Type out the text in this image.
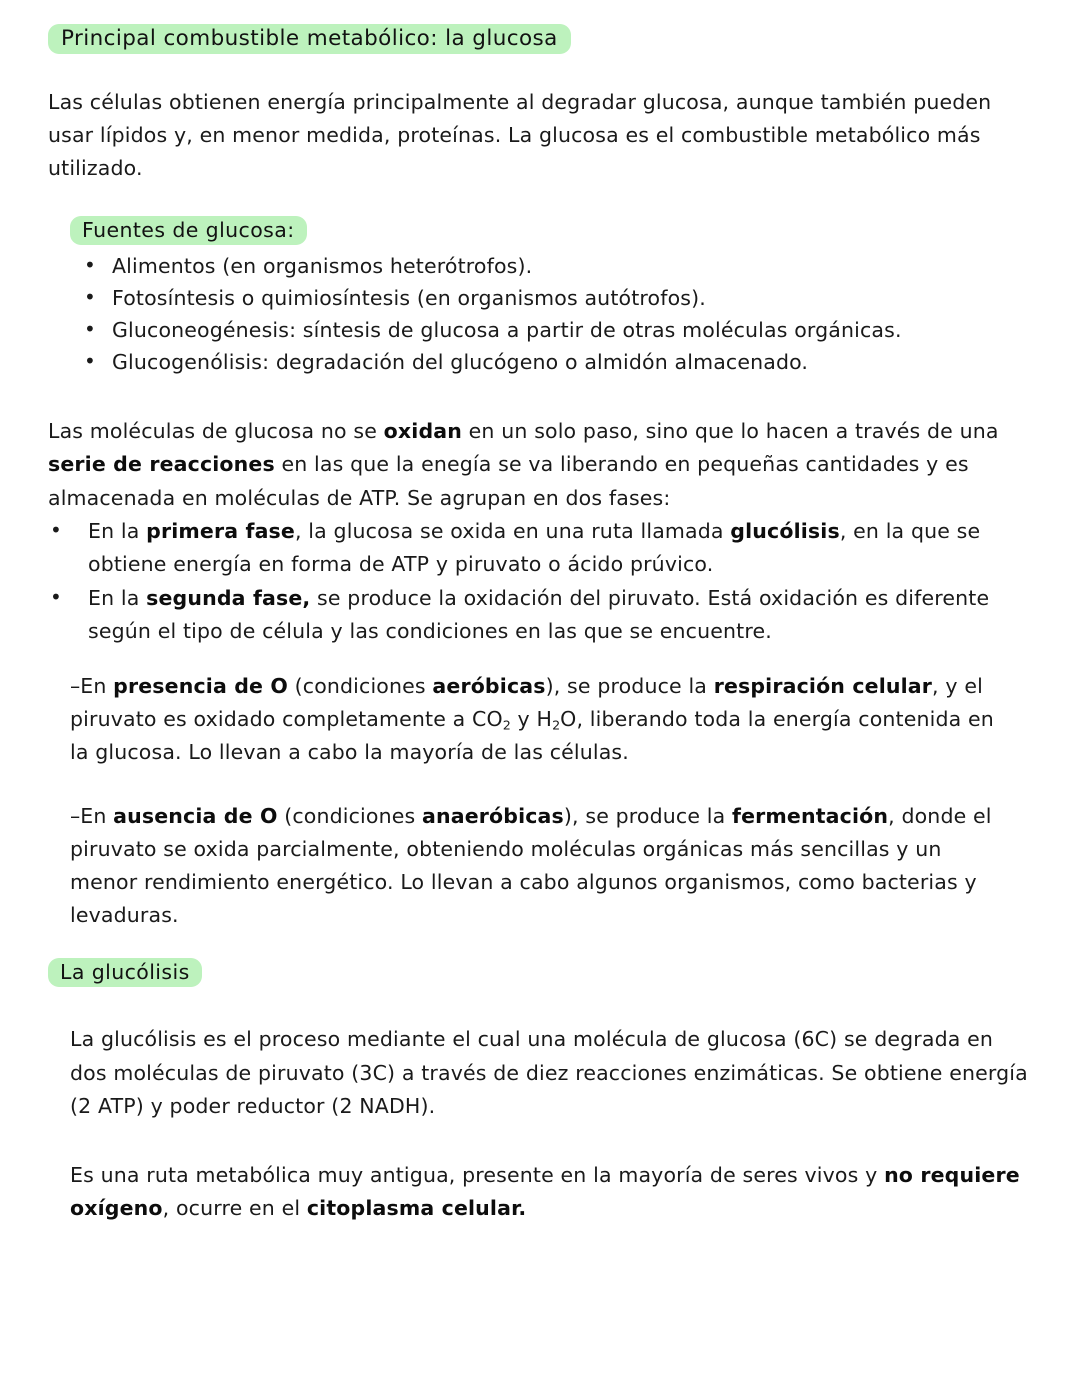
Principal combustible metabólico: la glucosa

Las células obtienen energía principalmente al degradar glucosa, aunque también pueden usar lípidos y, en menor medida, proteínas. La glucosa es el combustible metabólico más utilizado.

Fuentes de glucosa:
• Alimentos (en organismos heterótrofos).
• Fotosíntesis o quimiosíntesis (en organismos autótrofos).
• Gluconeogénesis: síntesis de glucosa a partir de otras moléculas orgánicas.
• Glucogenólisis: degradación del glucógeno o almidón almacenado.

Las moléculas de glucosa no se oxidan en un solo paso, sino que lo hacen a través de una serie de reacciones en las que la enegía se va liberando en pequeñas cantidades y es almacenada en moléculas de ATP. Se agrupan en dos fases:

• En la primera fase, la glucosa se oxida en una ruta llamada glucólisis, en la que se obtiene energía en forma de ATP y piruvato o ácido prúvico.
• En la segunda fase, se produce la oxidación del piruvato. Está oxidación es diferente según el tipo de célula y las condiciones en las que se encuentre.

–En presencia de O (condiciones aeróbicas), se produce la respiración celular, y el piruvato es oxidado completamente a CO2 y H2O, liberando toda la energía contenida en la glucosa. Lo llevan a cabo la mayoría de las células.

–En ausencia de O (condiciones anaeróbicas), se produce la fermentación, donde el piruvato se oxida parcialmente, obteniendo moléculas orgánicas más sencillas y un menor rendimiento energético. Lo llevan a cabo algunos organismos, como bacterias y levaduras.

La glucólisis

La glucólisis es el proceso mediante el cual una molécula de glucosa (6C) se degrada en dos moléculas de piruvato (3C) a través de diez reacciones enzimáticas. Se obtiene energía (2 ATP) y poder reductor (2 NADH).

Es una ruta metabólica muy antigua, presente en la mayoría de seres vivos y no requiere oxígeno, ocurre en el citoplasma celular.
